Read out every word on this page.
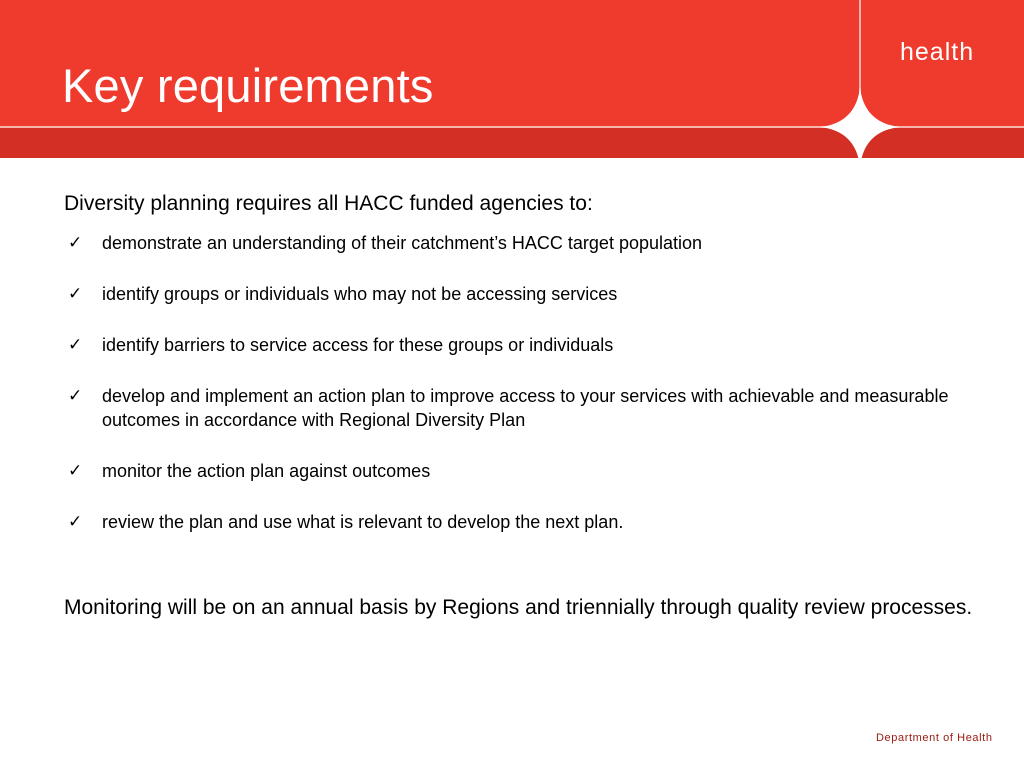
Key requirements
health

Diversity planning requires all HACC funded agencies to:

✓ demonstrate an understanding of their catchment’s HACC target population
✓ identify groups or individuals who may not be accessing services
✓ identify barriers to service access for these groups or individuals
✓ develop and implement an action plan to improve access to your services with achievable and measurable outcomes in accordance with Regional Diversity Plan
✓ monitor the action plan against outcomes
✓ review the plan and use what is relevant to develop the next plan.

Monitoring will be on an annual basis by Regions and triennially through quality review processes.

Department of Health
